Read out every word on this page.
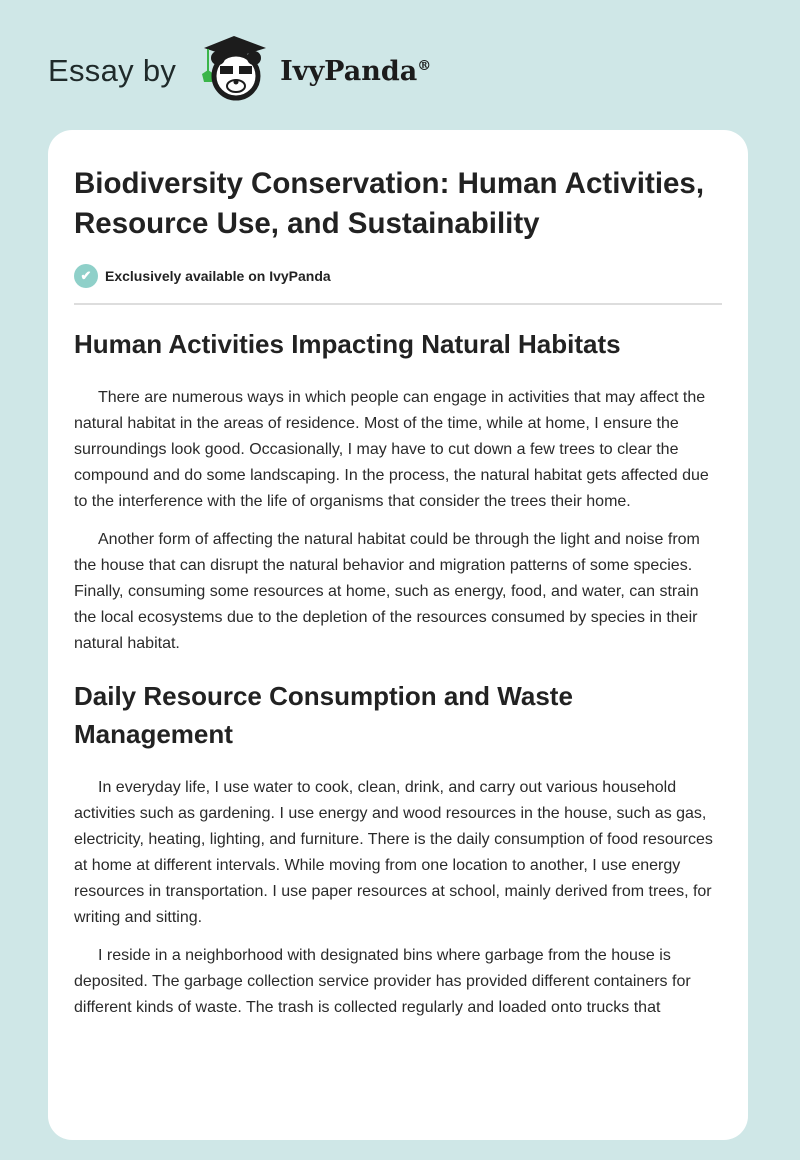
Essay by	IvyPanda®
Biodiversity Conservation: Human Activities, Resource Use, and Sustainability
✔ Exclusively available on IvyPanda
Human Activities Impacting Natural Habitats

There are numerous ways in which people can engage in activities that may affect the natural habitat in the areas of residence. Most of the time, while at home, I ensure the surroundings look good. Occasionally, I may have to cut down a few trees to clear the compound and do some landscaping. In the process, the natural habitat gets affected due to the interference with the life of organisms that consider the trees their home.

Another form of affecting the natural habitat could be through the light and noise from the house that can disrupt the natural behavior and migration patterns of some species. Finally, consuming some resources at home, such as energy, food, and water, can strain the local ecosystems due to the depletion of the resources consumed by species in their natural habitat.

Daily Resource Consumption and Waste Management

In everyday life, I use water to cook, clean, drink, and carry out various household activities such as gardening. I use energy and wood resources in the house, such as gas, electricity, heating, lighting, and furniture. There is the daily consumption of food resources at home at different intervals. While moving from one location to another, I use energy resources in transportation. I use paper resources at school, mainly derived from trees, for writing and sitting.

I reside in a neighborhood with designated bins where garbage from the house is deposited. The garbage collection service provider has provided different containers for different kinds of waste. The trash is collected regularly and loaded onto trucks that
